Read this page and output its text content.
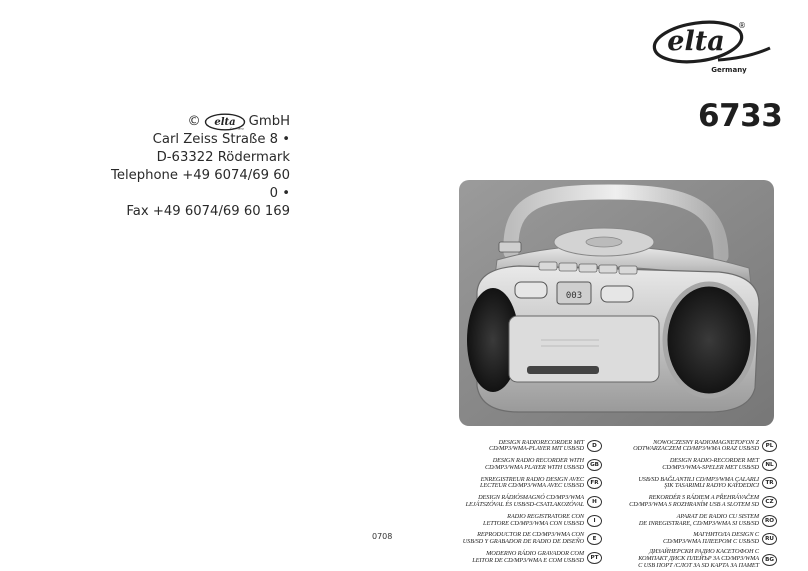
© elta
Germany GmbH
Carl Zeiss Straße 8 •
D-63322 Rödermark
Telephone +49 6074/69 60 0 •
Fax +49 6074/69 60 169
0708
elta
®
Germany
6733
003
DESIGN RADIORECORDER MIT
CD/MP3/WMA-PLAYER MIT USB/SD	D
DESIGN RADIO RECORDER WITH
CD/MP3/WMA PLAYER WITH USB/SD	GB
ENREGISTREUR RADIO DESIGN AVEC
LECTEUR CD/MP3/WMA AVEC USB/SD	FR
DESIGN RÁDIÓSMAGNÓ CD/MP3/WMA
LEJÁTSZÓVAL ÉS USB/SD-CSATLAKOZÓVAL	H
RADIO REGISTRATORE CON
LETTORE CD/MP3/WMA CON USB/SD	I
REPRODUCTOR DE CD/MP3/WMA CON
USB/SD Y GRABADOR DE RADIO DE DISEÑO	E
MODERNO RÁDIO GRAVADOR COM
LEITOR DE CD/MP3/WMA E COM USB/SD	PT
NOWOCZESNY RADIOMAGNETOFON Z
ODTWARZACZEM CD/MP3/WMA ORAZ USB/SD	PL
DESIGN RADIO-RECORDER MET
CD/MP3/WMA-SPELER MET USB/SD	NL
USB/SD BAĞLANTILI CD/MP3/WMA ÇALARLI
ŞIK TASARIMLI RADYO KAYDEDICI	TR
REKORDÉR S RÁDIEM A PŘEHRÁVAČEM
CD/MP3/WMA S ROZHRANÍM USB A SLOTEM SD	CZ
APARAT DE RADIO CU SISTEM
DE INREGISTRARE, CD/MP3/WMA SI USB/SD	RO
МАГНИТОЛА DESIGN С
CD/MP3/WMA ПЛЕЕРОМ С USB/SD	RU
ДИЗАЙНЕРСКИ РАДИО КАСЕТОФОН С
КОМПАКТ ДИСК ПЛЕЙЪР ЗА CD/MP3/WMA
С USB ПОРТ /СЛОТ ЗА SD КАРТА ЗА ПАМЕТ
BG
